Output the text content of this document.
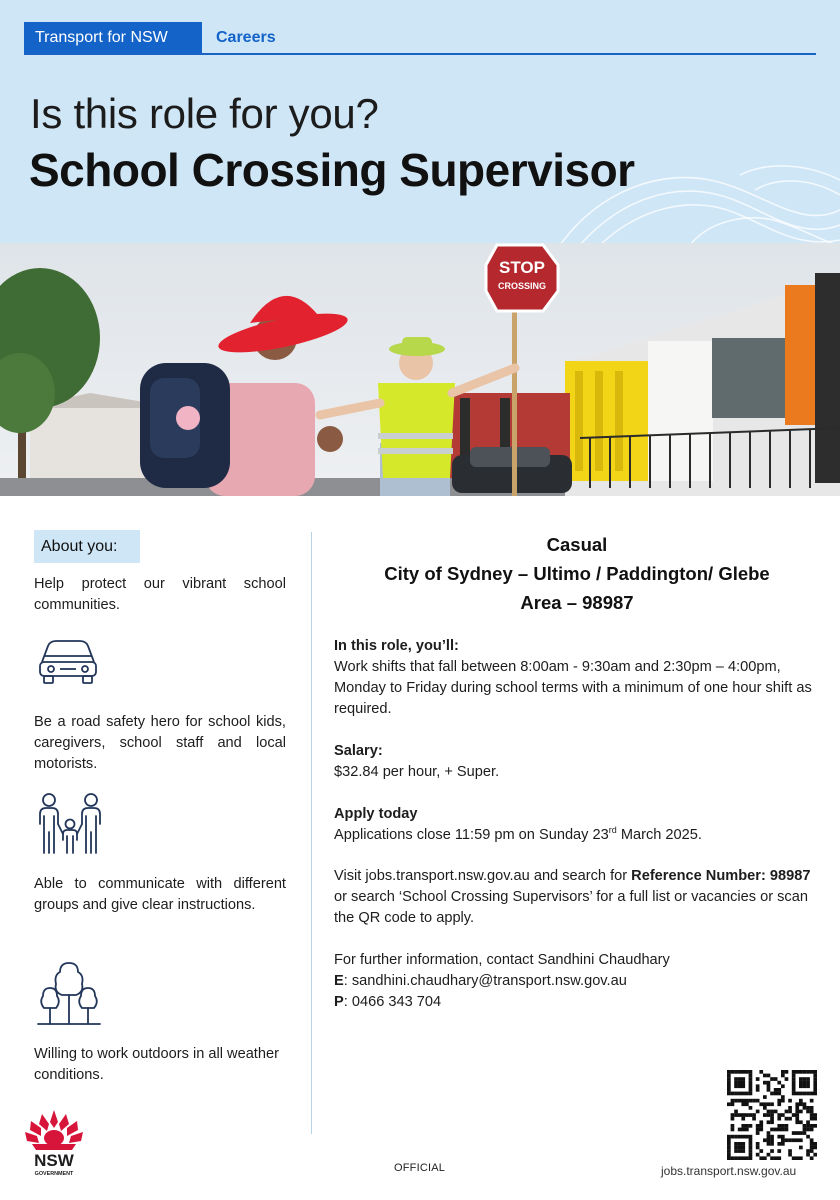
Transport for NSW	Careers
Is this role for you?
School Crossing Supervisor
STOP
CROSSING
About you:
Help protect our vibrant school communities.
Be a road safety hero for school kids, caregivers, school staff and local motorists.
Able to communicate with different groups and give clear instructions.
Willing to work outdoors in all weather conditions.
Casual
City of Sydney – Ultimo / Paddington/ Glebe
Area – 98987
In this role, you’ll:
Work shifts that fall between 8:00am - 9:30am and 2:30pm – 4:00pm, Monday to Friday during school terms with a minimum of one hour shift as required.
Salary:
$32.84 per hour, + Super.
Apply today
Applications close 11:59 pm on Sunday 23rd March 2025.
Visit jobs.transport.nsw.gov.au and search for Reference Number: 98987 or search ‘School Crossing Supervisors’ for a full list or vacancies or scan the QR code to apply.
For further information, contact Sandhini Chaudhary
E: sandhini.chaudhary@transport.nsw.gov.au
P: 0466 343 704
NSW
GOVERNMENT	OFFICIAL	jobs.transport.nsw.gov.au
